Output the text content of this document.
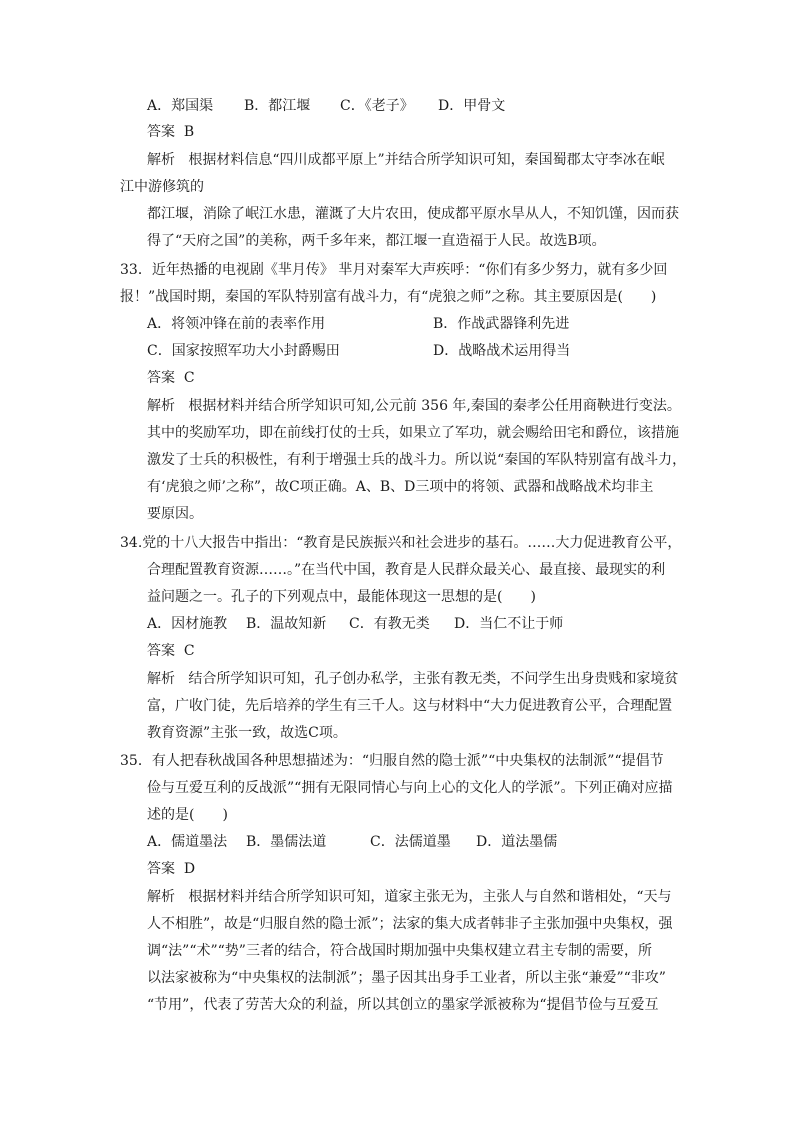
A．郑国渠 B．都江堰 C．《老子》 D．甲骨文
答案 B
解析 根据材料信息“四川成都平原上”并结合所学知识可知，秦国蜀郡太守李冰在岷
江中游修筑的
都江堰，消除了岷江水患，灌溉了大片农田，使成都平原水旱从人，不知饥馑，因而获
得了“天府之国”的美称，两千多年来，都江堰一直造福于人民。故选B项。
33．近年热播的电视剧《芈月传》 芈月对秦军大声疾呼：“你们有多少努力，就有多少回
报！”战国时期，秦国的军队特别富有战斗力，有“虎狼之师”之称。其主要原因是(　　)
A．将领冲锋在前的表率作用	B．作战武器锋利先进
C．国家按照军功大小封爵赐田	D．战略战术运用得当
答案 C
解析 根据材料并结合所学知识可知,公元前 356 年,秦国的秦孝公任用商鞅进行变法。
其中的奖励军功，即在前线打仗的士兵，如果立了军功，就会赐给田宅和爵位，该措施
激发了士兵的积极性，有利于增强士兵的战斗力。所以说“秦国的军队特别富有战斗力，
有‘虎狼之师’之称”，故C项正确。A、B、D三项中的将领、武器和战略战术均非主
要原因。
34.党的十八大报告中指出：“教育是民族振兴和社会进步的基石。……大力促进教育公平，
合理配置教育资源……。”在当代中国，教育是人民群众最关心、最直接、最现实的利
益问题之一。孔子的下列观点中，最能体现这一思想的是(　　)
A．因材施教 B．温故知新 C．有教无类 D．当仁不让于师
答案 C
解析 结合所学知识可知，孔子创办私学，主张有教无类，不问学生出身贵贱和家境贫
富，广收门徒，先后培养的学生有三千人。这与材料中“大力促进教育公平，合理配置
教育资源”主张一致，故选C项。
35．有人把春秋战国各种思想描述为：“归服自然的隐士派”“中央集权的法制派”“提倡节
俭与互爱互利的反战派”“拥有无限同情心与向上心的文化人的学派”。下列正确对应描
述的是(　　)
A．儒道墨法 B．墨儒法道	C．法儒道墨 D．道法墨儒
答案 D
解析 根据材料并结合所学知识可知，道家主张无为，主张人与自然和谐相处，“天与
人不相胜”，故是“归服自然的隐士派”；法家的集大成者韩非子主张加强中央集权，强
调“法”“术”“势”三者的结合，符合战国时期加强中央集权建立君主专制的需要，所
以法家被称为“中央集权的法制派”；墨子因其出身手工业者，所以主张“兼爱”“非攻”
“节用”，代表了劳苦大众的利益，所以其创立的墨家学派被称为“提倡节俭与互爱互
